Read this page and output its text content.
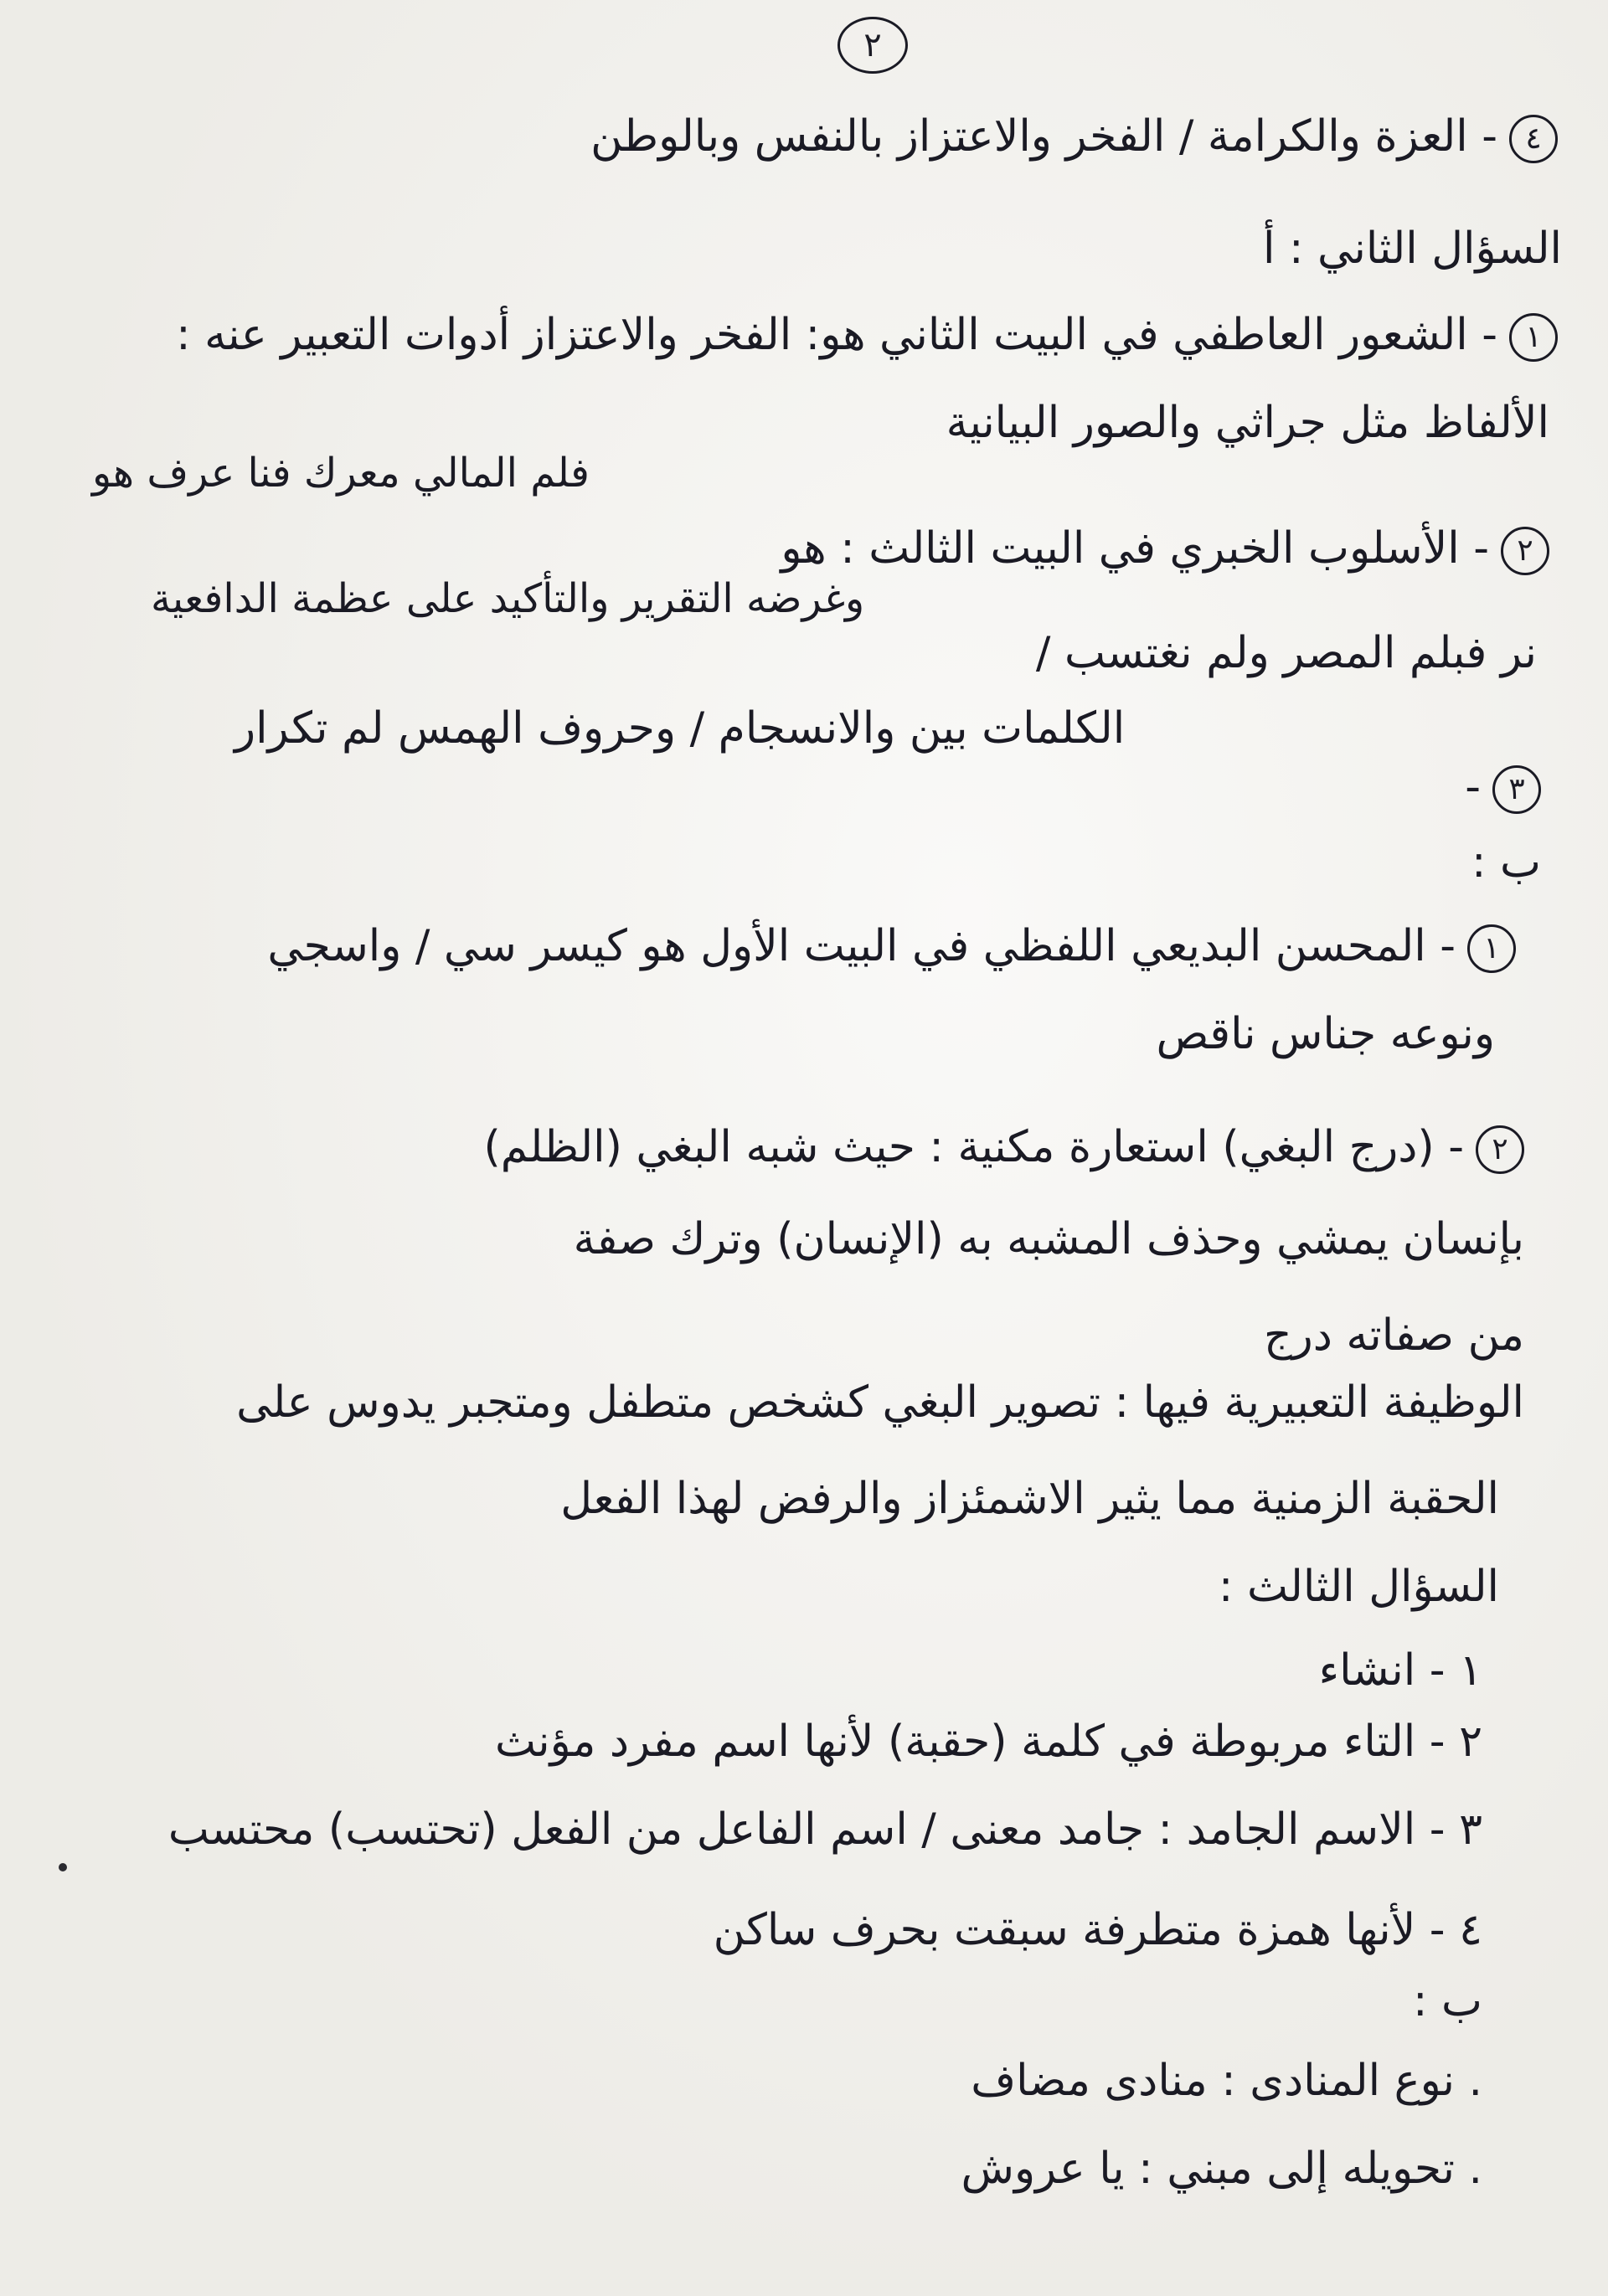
٢
٤- العزة والكرامة / الفخر والاعتزاز بالنفس وبالوطن
السؤال الثاني : أ
١- الشعور العاطفي في البيت الثاني هو: الفخر والاعتزاز أدوات التعبير عنه :
الألفاظ مثل جراثي والصور البيانية
فلم المالي معرك فنا عرف هو
٢- الأسلوب الخبري في البيت الثالث : هو
وغرضه التقرير والتأكيد على عظمة الدافعية
نر فبلم المصر ولم نغتسب /
الكلمات بين والانسجام / وحروف الهمس لم تكرار
٣-
ب :
١- المحسن البديعي اللفظي في البيت الأول هو كيسر سي / واسجي
ونوعه جناس ناقص
٢- (درج البغي) استعارة مكنية : حيث شبه البغي (الظلم)
بإنسان يمشي وحذف المشبه به (الإنسان) وترك صفة
من صفاته درج
الوظيفة التعبيرية فيها : تصوير البغي كشخص متطفل ومتجبر يدوس على
الحقبة الزمنية مما يثير الاشمئزاز والرفض لهذا الفعل
السؤال الثالث :
١ - انشاء
٢ - التاء مربوطة في كلمة (حقبة) لأنها اسم مفرد مؤنث
٣ - الاسم الجامد : جامد معنى / اسم الفاعل من الفعل (تحتسب) محتسب
٤ - لأنها همزة متطرفة سبقت بحرف ساكن
ب :
. نوع المنادى : منادى مضاف
. تحويله إلى مبني : يا عروش
